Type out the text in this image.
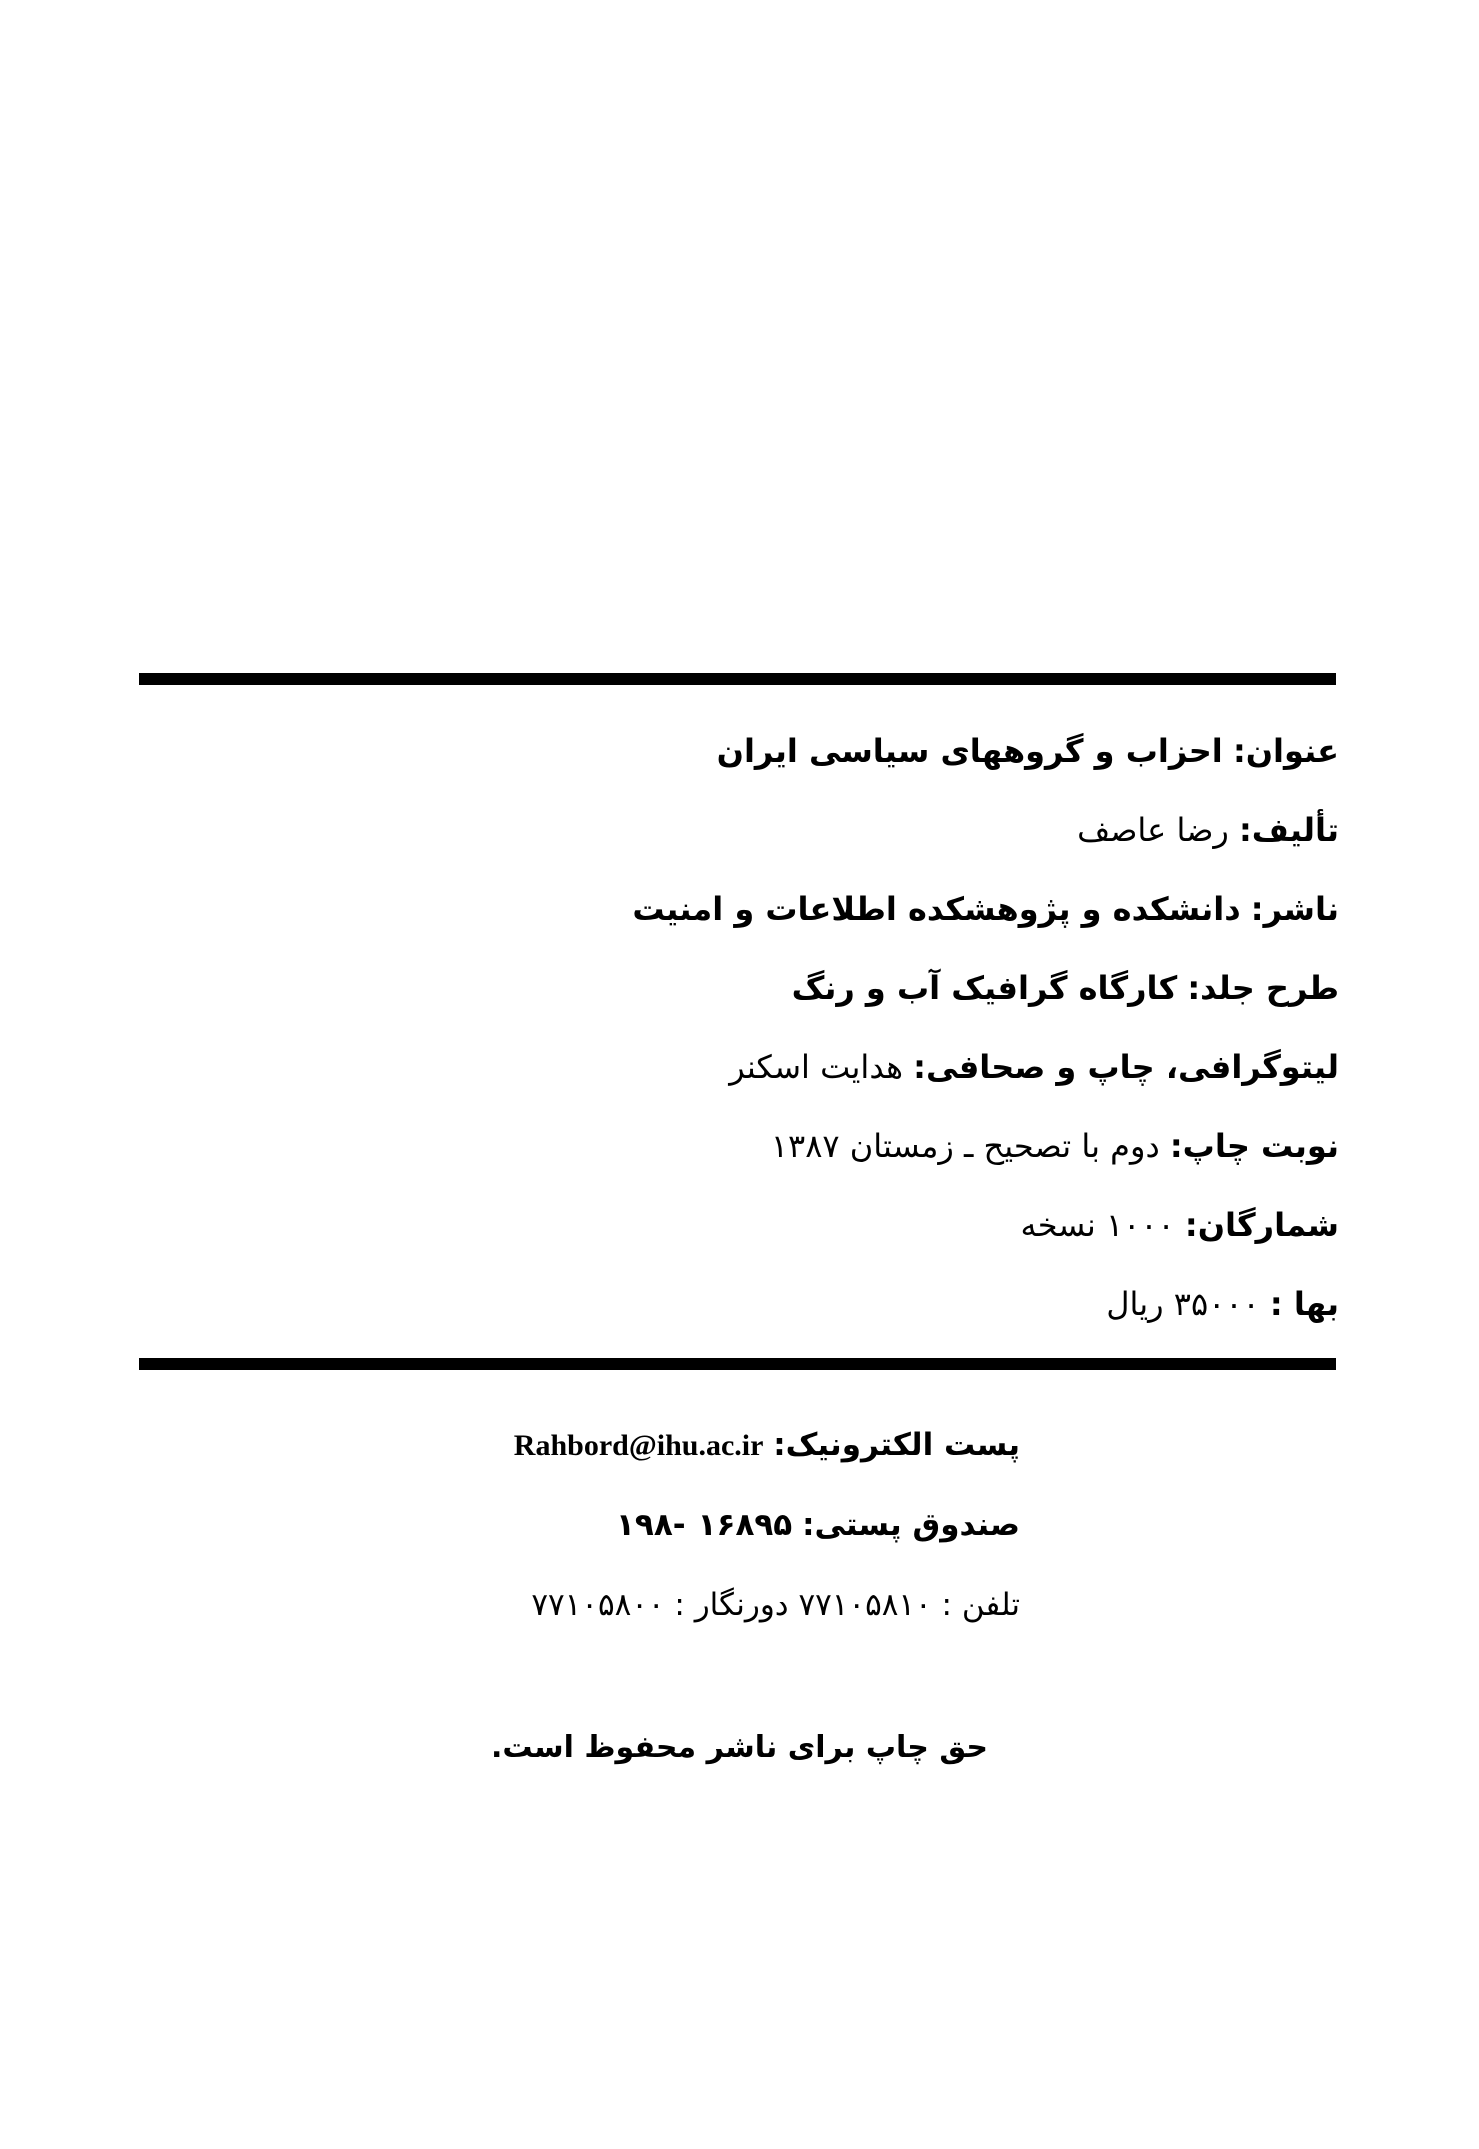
عنوان: احزاب و گروههای سیاسی ایران
تألیف: رضا عاصف
ناشر: دانشکده و پژوهشکده اطلاعات و امنیت
طرح جلد: کارگاه گرافیک آب و رنگ
لیتوگرافی، چاپ و صحافی: هدایت اسکنر
نوبت چاپ: دوم با تصحیح ـ زمستان ۱۳۸۷
شمارگان: ۱۰۰۰ نسخه
بها : ۳۵۰۰۰ ریال
پست الکترونیک: Rahbord@ihu.ac.ir
صندوق پستی: ۱۶۸۹۵-۱۹۸
تلفن : ۷۷۱۰۵۸۱۰ دورنگار : ۷۷۱۰۵۸۰۰
حق چاپ برای ناشر محفوظ است.
